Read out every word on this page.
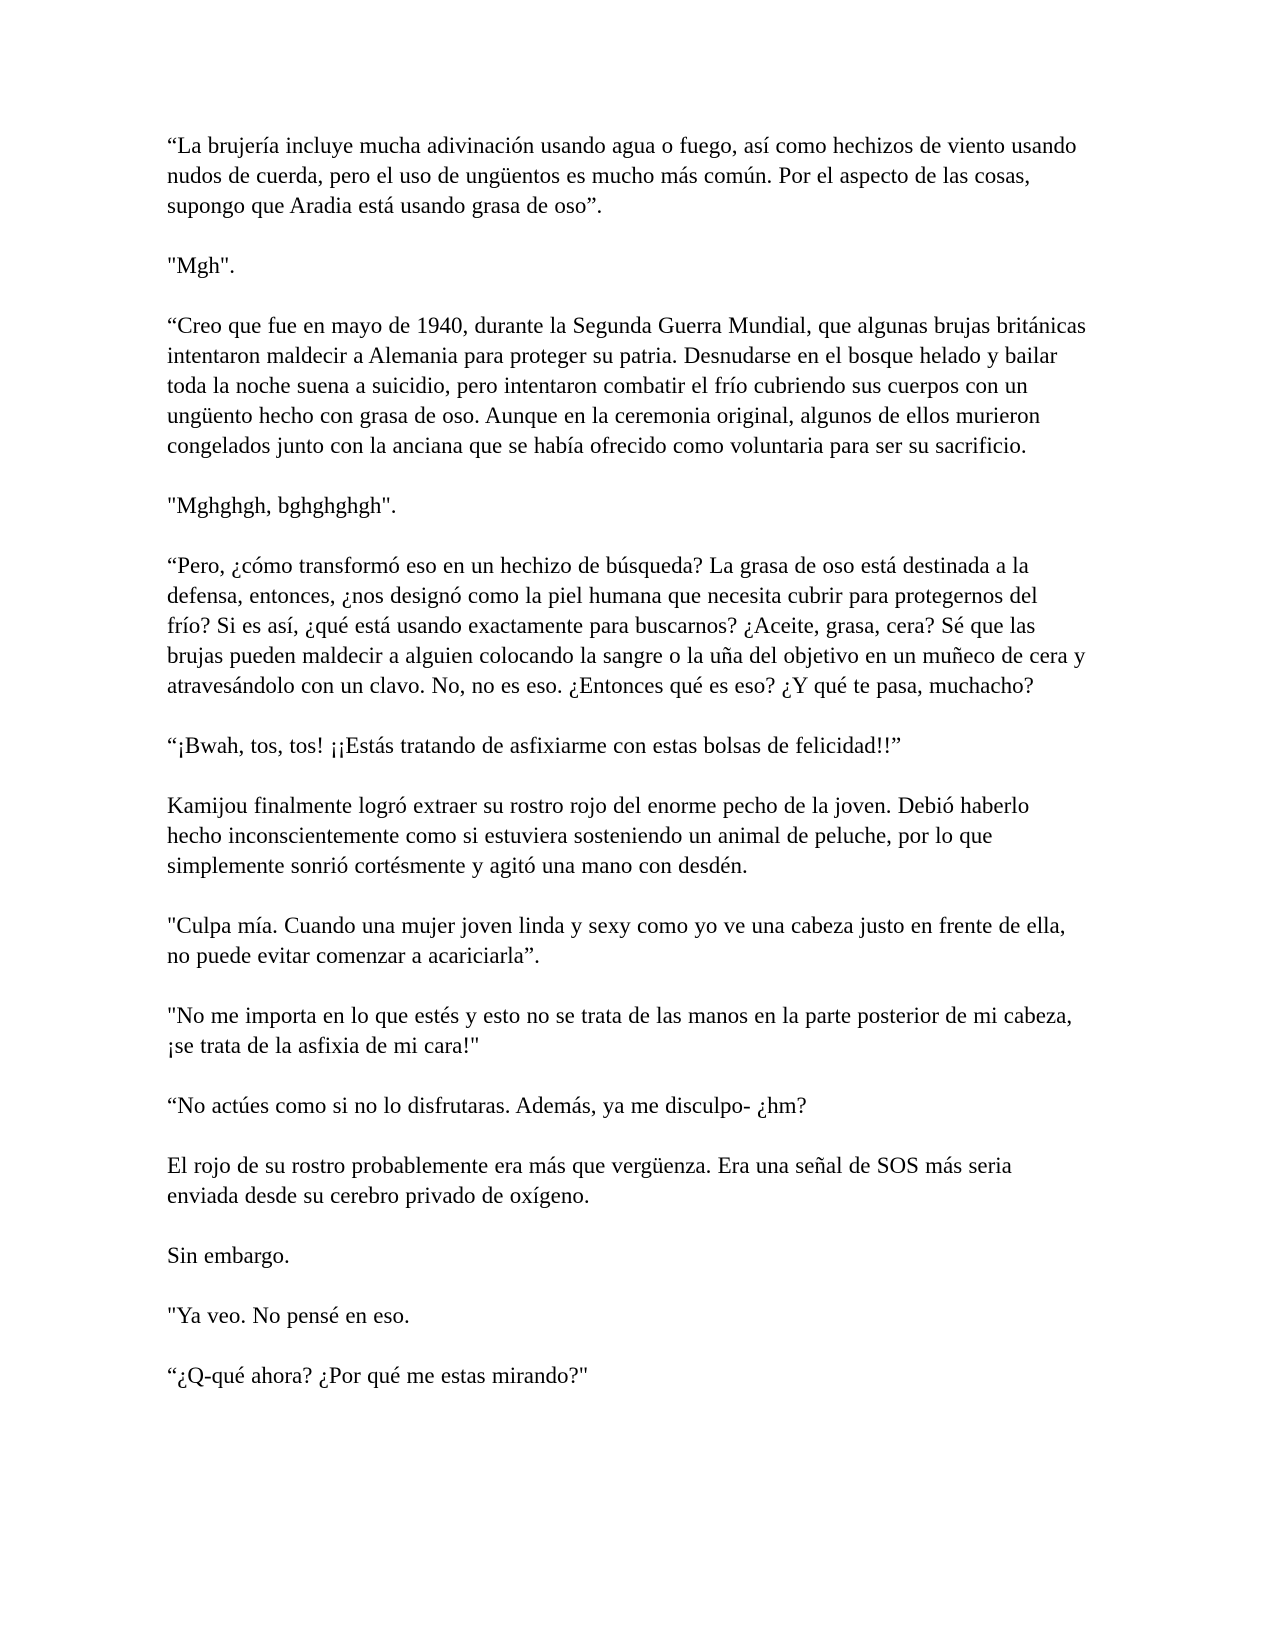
“La brujería incluye mucha adivinación usando agua o fuego, así como hechizos de viento usando nudos de cuerda, pero el uso de ungüentos es mucho más común. Por el aspecto de las cosas, supongo que Aradia está usando grasa de oso”.

"Mgh".

“Creo que fue en mayo de 1940, durante la Segunda Guerra Mundial, que algunas brujas británicas intentaron maldecir a Alemania para proteger su patria. Desnudarse en el bosque helado y bailar toda la noche suena a suicidio, pero intentaron combatir el frío cubriendo sus cuerpos con un ungüento hecho con grasa de oso. Aunque en la ceremonia original, algunos de ellos murieron congelados junto con la anciana que se había ofrecido como voluntaria para ser su sacrificio.

"Mghghgh, bghghghgh".

“Pero, ¿cómo transformó eso en un hechizo de búsqueda? La grasa de oso está destinada a la defensa, entonces, ¿nos designó como la piel humana que necesita cubrir para protegernos del frío? Si es así, ¿qué está usando exactamente para buscarnos? ¿Aceite, grasa, cera? Sé que las brujas pueden maldecir a alguien colocando la sangre o la uña del objetivo en un muñeco de cera y atravesándolo con un clavo. No, no es eso. ¿Entonces qué es eso? ¿Y qué te pasa, muchacho?

“¡Bwah, tos, tos! ¡¡Estás tratando de asfixiarme con estas bolsas de felicidad!!”

Kamijou finalmente logró extraer su rostro rojo del enorme pecho de la joven. Debió haberlo hecho inconscientemente como si estuviera sosteniendo un animal de peluche, por lo que simplemente sonrió cortésmente y agitó una mano con desdén.

"Culpa mía. Cuando una mujer joven linda y sexy como yo ve una cabeza justo en frente de ella, no puede evitar comenzar a acariciarla”.

"No me importa en lo que estés y esto no se trata de las manos en la parte posterior de mi cabeza, ¡se trata de la asfixia de mi cara!"

“No actúes como si no lo disfrutaras. Además, ya me disculpo- ¿hm?

El rojo de su rostro probablemente era más que vergüenza. Era una señal de SOS más seria enviada desde su cerebro privado de oxígeno.

Sin embargo.

"Ya veo. No pensé en eso.

“¿Q-qué ahora? ¿Por qué me estas mirando?"
